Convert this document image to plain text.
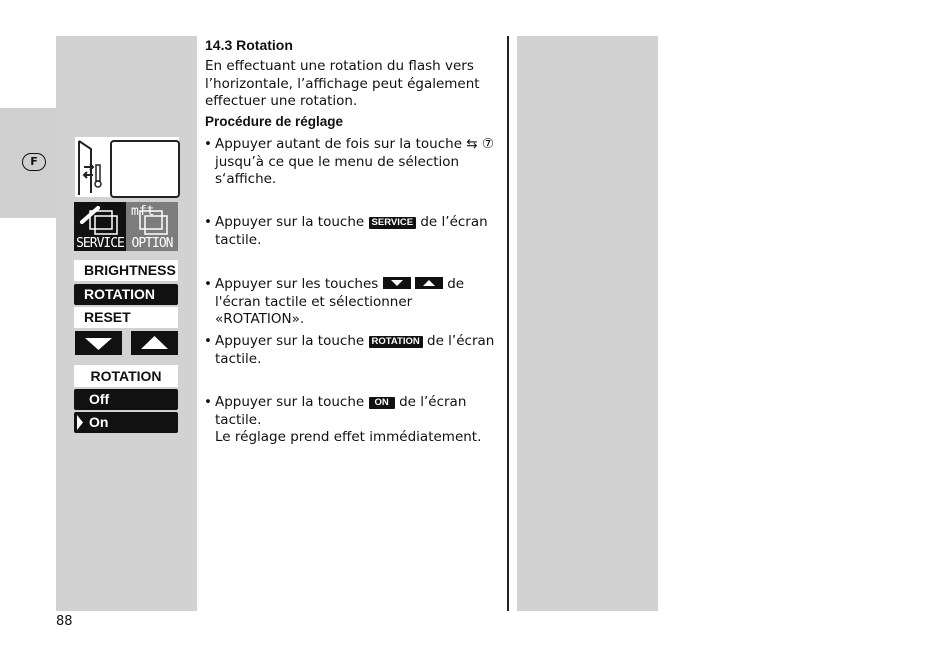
F
SERVICE
mft
OPTION
BRIGHTNESS
ROTATION
RESET
ROTATION
Off
On
14.3 Rotation
En effectuant une rotation du flash vers
l’horizontale, l’affichage peut également
effectuer une rotation.
Procédure de réglage
• Appuyer autant de fois sur la touche ⇆ ⑦
jusqu’à ce que le menu de sélection
s‘affiche.
• Appuyer sur la touche SERVICE de l’écran
tactile.
• Appuyer sur les touches
	de
l'écran tactile et sélectionner «ROTATION».
• Appuyer sur la touche ROTATION de l’écran
tactile.
• Appuyer sur la touche ON de l’écran
tactile.
Le réglage prend effet immédiatement.
88
